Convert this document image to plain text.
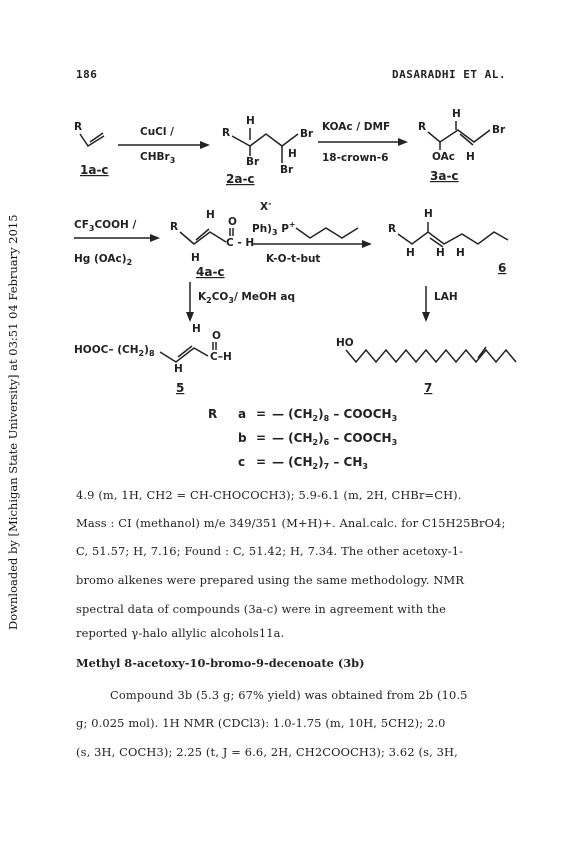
Downloaded by [Michigan State University] at 03:51 04 February 2015
186	DASARADHI ET AL.
R
1a-c
CuCl /
CHBr$_3$
R
H
Br
Br
H
Br
2a-c
KOAc / DMF
18-crown-6
R
H
Br
OAc H
3a-c
$CF_3COOH$ /
Hg $(OAc)_2$
R
H
O
C - H
H
4a-c
X-
$Ph)_3$ P+
K-O-t-but
R
H
H H H
6
$K_2CO_3/$ MeOH aq	LAH
HOOC– $(CH_2)_8$
H
O
C–H
H
5
HO
7
R a = — $(CH_2)_8$ – $COOCH_3$
b = — $(CH_2)_6$ – $COOCH_3$
c = — $(CH_2)_7 - CH_3$
4.9 (m, 1H, CH2 = CH-CHOCOCH3); 5.9-6.1 (m, 2H, CHBr=CH).
Mass : CI (methanol) m/e 349/351 (M+H)+. Anal.calc. for C15H25BrO4;
C, 51.57; H, 7.16; Found : C, 51.42; H, 7.34. The other acetoxy-1-
bromo alkenes were prepared using the same methodology. NMR
spectral data of compounds (3a-c) were in agreement with the
reported γ-halo allylic alcohols11a.
Methyl 8-acetoxy-10-bromo-9-decenoate (3b)
Compound 3b (5.3 g; 67% yield) was obtained from 2b (10.5
g; 0.025 mol). 1H NMR (CDCl3): 1.0-1.75 (m, 10H, 5CH2); 2.0
(s, 3H, COCH3); 2.25 (t, J = 6.6, 2H, CH2COOCH3); 3.62 (s, 3H,
